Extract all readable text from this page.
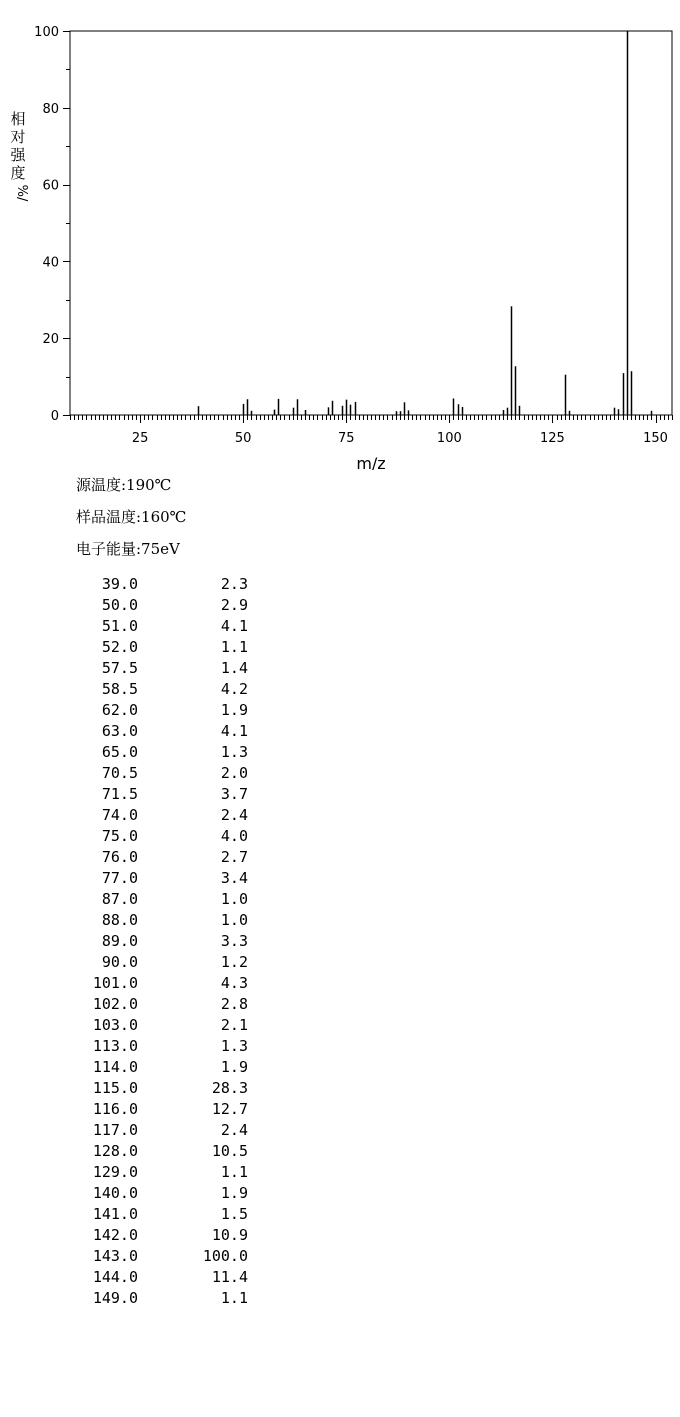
25	50	75	100	125	150
0
20
40
60
80
100
相
对
强
度
%/
m/z
源温度:190℃
样品温度:160℃
电子能量:75eV
39.0	2.3
50.0	2.9
51.0	4.1
52.0	1.1
57.5	1.4
58.5	4.2
62.0	1.9
63.0	4.1
65.0	1.3
70.5	2.0
71.5	3.7
74.0	2.4
75.0	4.0
76.0	2.7
77.0	3.4
87.0	1.0
88.0	1.0
89.0	3.3
90.0	1.2
101.0	4.3
102.0	2.8
103.0	2.1
113.0	1.3
114.0	1.9
115.0	28.3
116.0	12.7
117.0	2.4
128.0	10.5
129.0	1.1
140.0	1.9
141.0	1.5
142.0	10.9
143.0	100.0
144.0	11.4
149.0	1.1
